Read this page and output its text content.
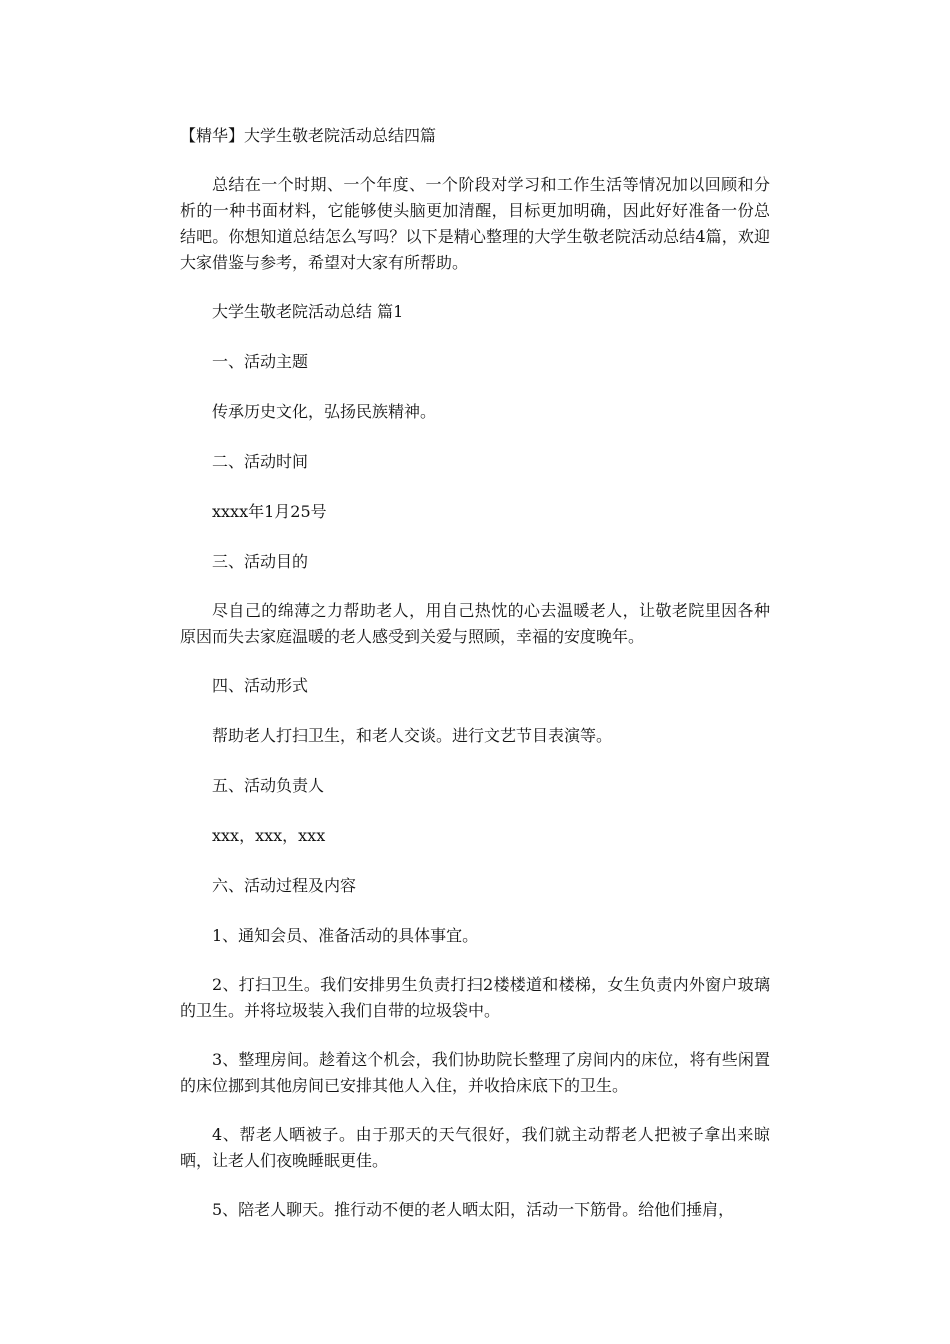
【精华】大学生敬老院活动总结四篇
总结在一个时期、一个年度、一个阶段对学习和工作生活等情况加以回顾和分析的一种书面材料，它能够使头脑更加清醒，目标更加明确，因此好好准备一份总结吧。你想知道总结怎么写吗？以下是精心整理的大学生敬老院活动总结4篇，欢迎大家借鉴与参考，希望对大家有所帮助。
大学生敬老院活动总结 篇1
一、活动主题
传承历史文化，弘扬民族精神。
二、活动时间
xxxx年1月25号
三、活动目的
尽自己的绵薄之力帮助老人，用自己热忱的心去温暖老人，让敬老院里因各种原因而失去家庭温暖的老人感受到关爱与照顾，幸福的安度晚年。
四、活动形式
帮助老人打扫卫生，和老人交谈。进行文艺节目表演等。
五、活动负责人
xxx，xxx，xxx
六、活动过程及内容
1、通知会员、准备活动的具体事宜。
2、打扫卫生。我们安排男生负责打扫2楼楼道和楼梯，女生负责内外窗户玻璃的卫生。并将垃圾装入我们自带的垃圾袋中。
3、整理房间。趁着这个机会，我们协助院长整理了房间内的床位，将有些闲置的床位挪到其他房间已安排其他人入住，并收拾床底下的卫生。
4、帮老人晒被子。由于那天的天气很好，我们就主动帮老人把被子拿出来晾晒，让老人们夜晚睡眠更佳。
5、陪老人聊天。推行动不便的老人晒太阳，活动一下筋骨。给他们捶肩，
